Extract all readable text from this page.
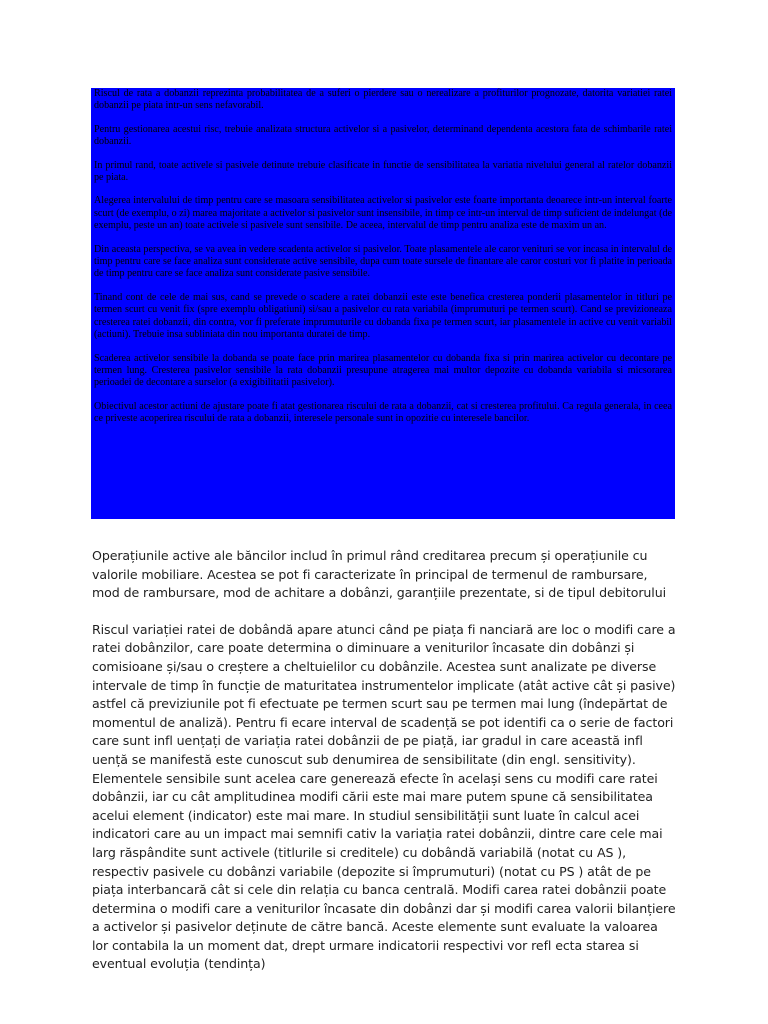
Riscul de rata a dobanzii reprezinta probabilitatea de a suferi o pierdere sau o nerealizare a profiturilor prognozate, datorita variatiei ratei dobanzii pe piata intr-un sens nefavorabil.

Pentru gestionarea acestui risc, trebuie analizata structura activelor si a pasivelor, determinand dependenta acestora fata de schimbarile ratei dobanzii.

In primul rand, toate activele si pasivele detinute trebuie clasificate in functie de sensibilitatea la variatia nivelului general al ratelor dobanzii pe piata.

Alegerea intervalului de timp pentru care se masoara sensibilitatea activelor si pasivelor este foarte importanta deoarece intr-un interval foarte scurt (de exemplu, o zi) marea majoritate a activelor si pasivelor sunt insensibile, in timp ce intr-un interval de timp suficient de indelungat (de exemplu, peste un an) toate activele si pasivele sunt sensibile. De aceea, intervalul de timp pentru analiza este de maxim un an.

Din aceasta perspectiva, se va avea in vedere scadenta activelor si pasivelor. Toate plasamentele ale caror venituri se vor incasa in intervalul de timp pentru care se face analiza sunt considerate active sensibile, dupa cum toate sursele de finantare ale caror costuri vor fi platite in perioada de timp pentru care se face analiza sunt considerate pasive sensibile.

Tinand cont de cele de mai sus, cand se prevede o scadere a ratei dobanzii este este benefica cresterea ponderii plasamentelor in titluri pe termen scurt cu venit fix (spre exemplu obligatiuni) si/sau a pasivelor cu rata variabila (imprumuturi pe termen scurt). Cand se previzioneaza cresterea ratei dobanzii, din contra, vor fi preferate imprumuturile cu dobanda fixa pe termen scurt, iar plasamentele in active cu venit variabil (actiuni). Trebuie insa subliniata din nou importanta duratei de timp.

Scaderea activelor sensibile la dobanda se poate face prin marirea plasamentelor cu dobanda fixa si prin marirea activelor cu decontare pe termen lung. Cresterea pasivelor sensibile la rata dobanzii presupune atragerea mai multor depozite cu dobanda variabila si micsorarea perioadei de decontare a surselor (a exigibilitatii pasivelor).

Obiectivul acestor actiuni de ajustare poate fi atat gestionarea riscului de rata a dobanzii, cat si cresterea profitului. Ca regula generala, in ceea ce priveste acoperirea riscului de rata a dobanzii, interesele personale sunt in opozitie cu interesele bancilor.

Operațiunile active ale băncilor includ în primul rând creditarea precum și operațiunile cu valorile mobiliare. Acestea se pot fi caracterizate în principal de termenul de rambursare, mod de rambursare, mod de achitare a dobânzi, garanțiile prezentate, si de tipul debitorului

Riscul variației ratei de dobândă apare atunci când pe piața fi nanciară are loc o modifi care a ratei dobânzilor, care poate determina o diminuare a veniturilor încasate din dobânzi și comisioane și/sau o creștere a cheltuielilor cu dobânzile. Acestea sunt analizate pe diverse intervale de timp în funcție de maturitatea instrumentelor implicate (atât active cât și pasive) astfel că previziunile pot fi efectuate pe termen scurt sau pe termen mai lung (îndepărtat de momentul de analiză). Pentru fi ecare interval de scadență se pot identifi ca o serie de factori care sunt infl uențați de variația ratei dobânzii de pe piață, iar gradul in care această infl uență se manifestă este cunoscut sub denumirea de sensibilitate (din engl. sensitivity). Elementele sensibile sunt acelea care generează efecte în același sens cu modifi care ratei dobânzii, iar cu cât amplitudinea modifi cării este mai mare putem spune că sensibilitatea acelui element (indicator) este mai mare. In studiul sensibilității sunt luate în calcul acei indicatori care au un impact mai semnifi cativ la variația ratei dobânzii, dintre care cele mai larg răspândite sunt activele (titlurile si creditele) cu dobândă variabilă (notat cu AS ), respectiv pasivele cu dobânzi variabile (depozite si împrumuturi) (notat cu PS ) atât de pe piața interbancară cât si cele din relația cu banca centrală. Modifi carea ratei dobânzii poate determina o modifi care a veniturilor încasate din dobânzi dar și modifi carea valorii bilanțiere a activelor și pasivelor deținute de către bancă. Aceste elemente sunt evaluate la valoarea lor contabila la un moment dat, drept urmare indicatorii respectivi vor refl ecta starea si eventual evoluția (tendința)
